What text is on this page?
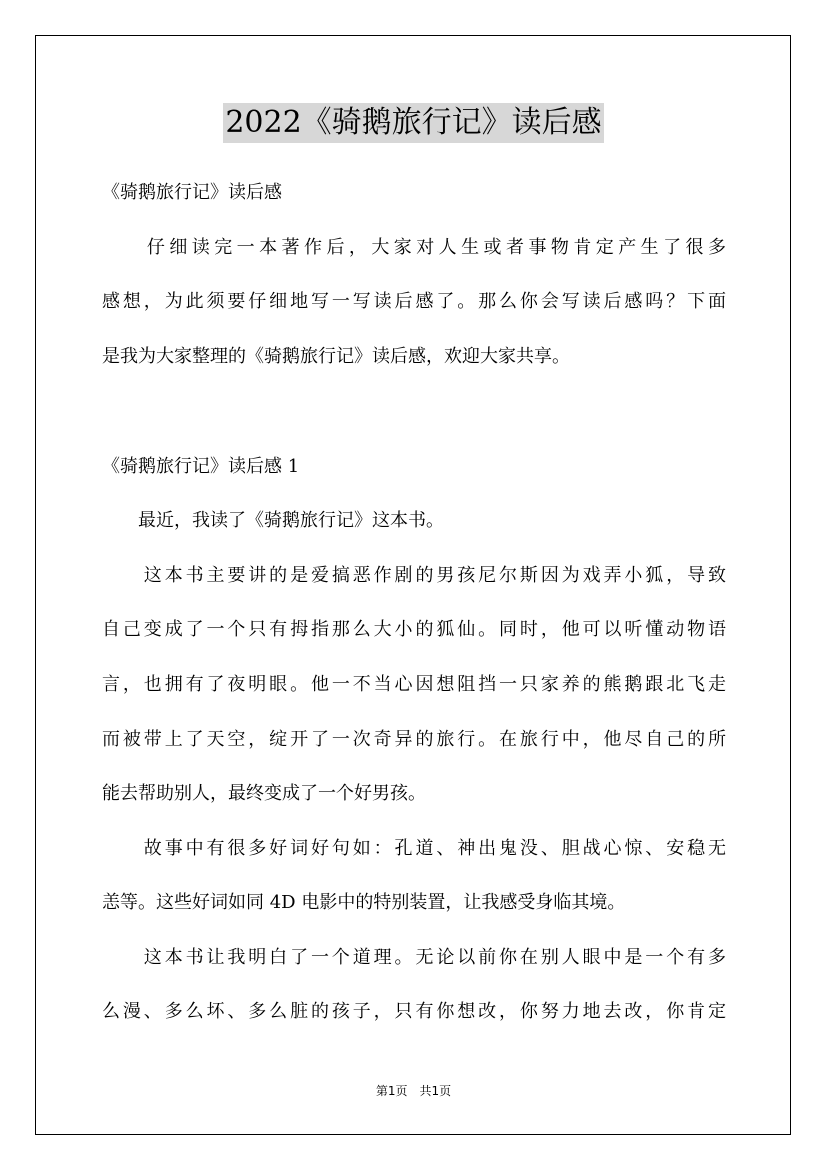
2022《骑鹅旅行记》读后感
《骑鹅旅行记》读后感
　　仔细读完一本著作后，大家对人生或者事物肯定产生了很多
感想，为此须要仔细地写一写读后感了。那么你会写读后感吗？下面
是我为大家整理的《骑鹅旅行记》读后感，欢迎大家共享。
《骑鹅旅行记》读后感 1
　　最近，我读了《骑鹅旅行记》这本书。
　　这本书主要讲的是爱搞恶作剧的男孩尼尔斯因为戏弄小狐，导致
自己变成了一个只有拇指那么大小的狐仙。同时，他可以听懂动物语
言，也拥有了夜明眼。他一不当心因想阻挡一只家养的熊鹅跟北飞走
而被带上了天空，绽开了一次奇异的旅行。在旅行中，他尽自己的所
能去帮助别人，最终变成了一个好男孩。
　　故事中有很多好词好句如：孔道、神出鬼没、胆战心惊、安稳无
恙等。这些好词如同 4D 电影中的特别装置，让我感受身临其境。
　　这本书让我明白了一个道理。无论以前你在别人眼中是一个有多
么漫、多么坏、多么脏的孩子，只有你想改，你努力地去改，你肯定
第1页　共1页
